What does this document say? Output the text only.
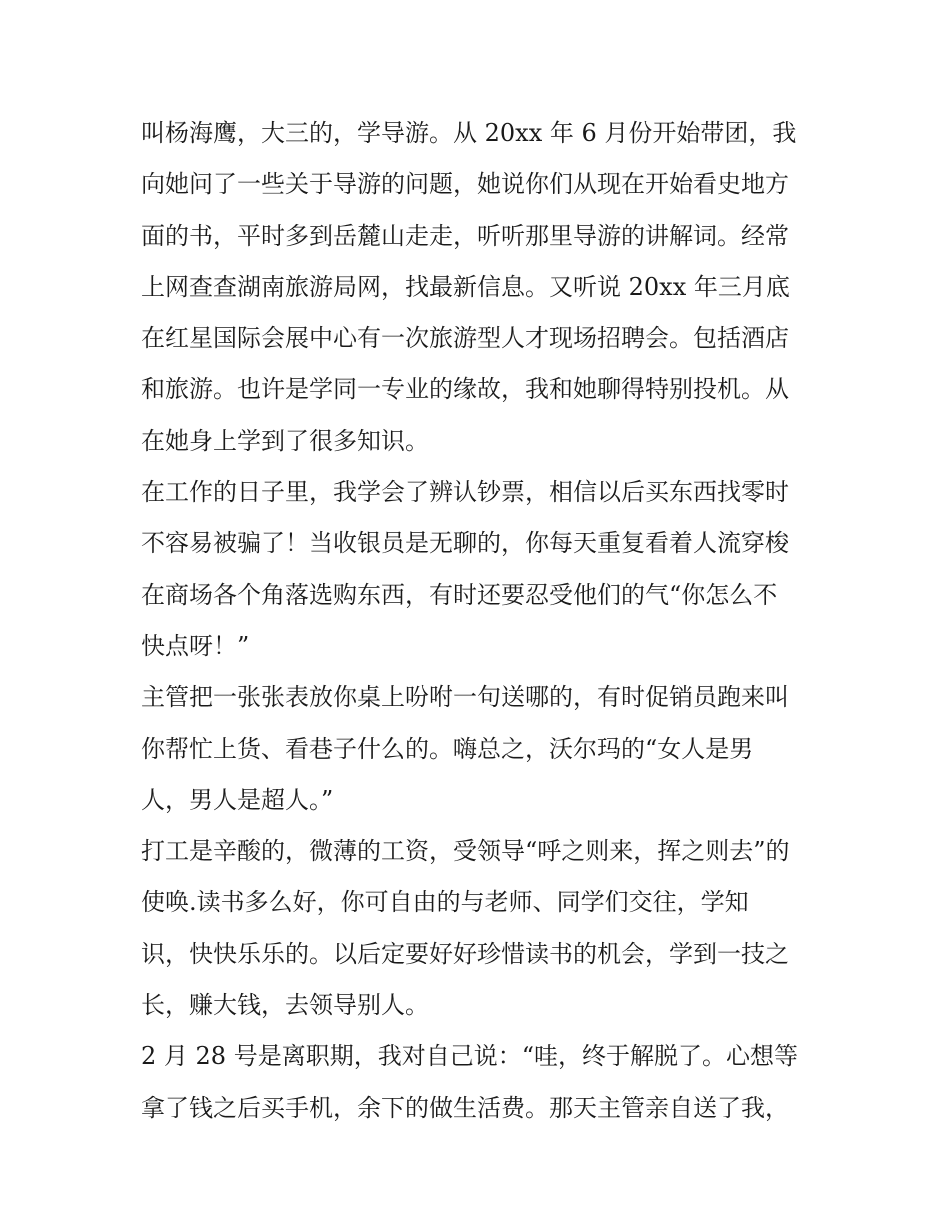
叫杨海鹰，大三的，学导游。从 20xx 年 6 月份开始带团，我
向她问了一些关于导游的问题，她说你们从现在开始看史地方
面的书，平时多到岳麓山走走，听听那里导游的讲解词。经常
上网查查湖南旅游局网，找最新信息。又听说 20xx 年三月底
在红星国际会展中心有一次旅游型人才现场招聘会。包括酒店
和旅游。也许是学同一专业的缘故，我和她聊得特别投机。从
在她身上学到了很多知识。
在工作的日子里，我学会了辨认钞票，相信以后买东西找零时
不容易被骗了！当收银员是无聊的，你每天重复看着人流穿梭
在商场各个角落选购东西，有时还要忍受他们的气“你怎么不
快点呀！”
主管把一张张表放你桌上吩咐一句送哪的，有时促销员跑来叫
你帮忙上货、看巷子什么的。嗨总之，沃尔玛的“女人是男
人，男人是超人。”
打工是辛酸的，微薄的工资，受领导“呼之则来，挥之则去”的
使唤.读书多么好，你可自由的与老师、同学们交往，学知
识，快快乐乐的。以后定要好好珍惜读书的机会，学到一技之
长，赚大钱，去领导别人。
2 月 28 号是离职期，我对自己说：“哇，终于解脱了。心想等
拿了钱之后买手机，余下的做生活费。那天主管亲自送了我，
